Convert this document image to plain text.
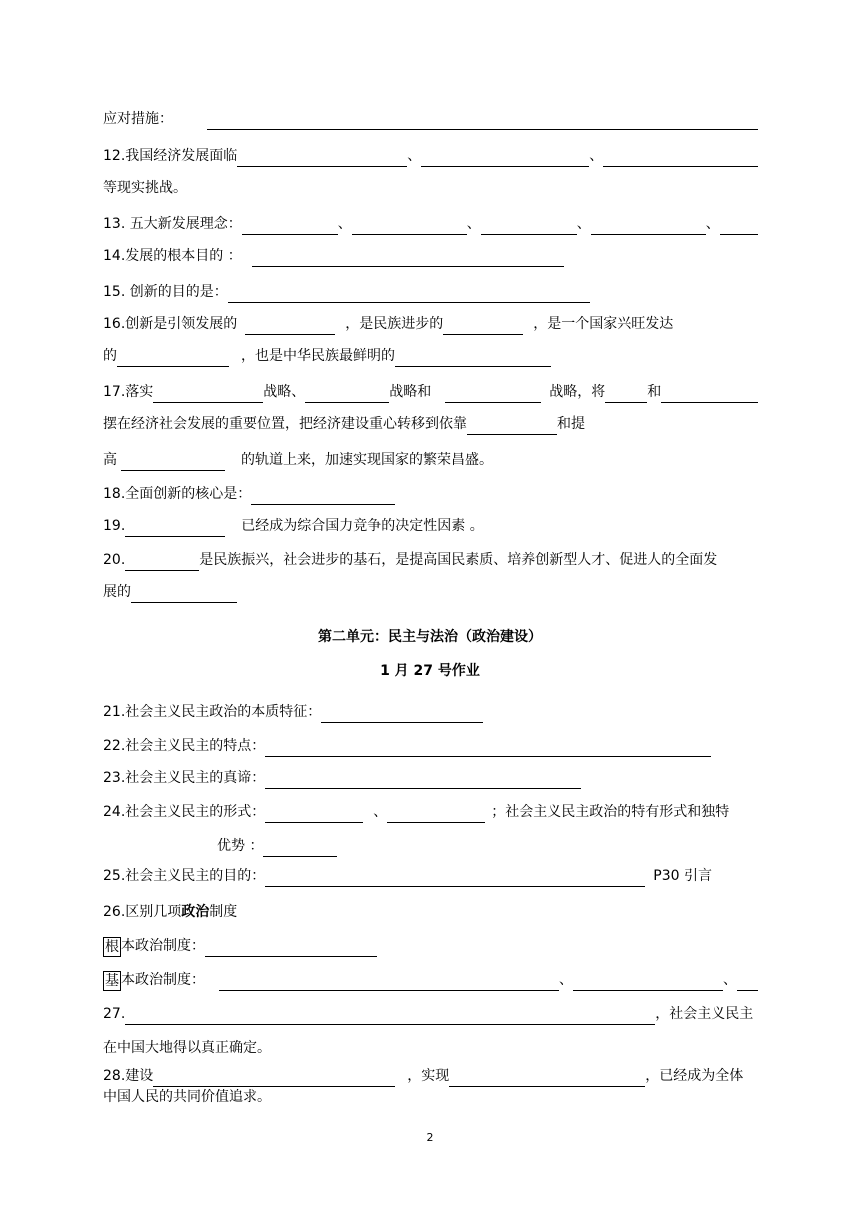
应对措施：
12.我国经济发展面临	、	、
等现实挑战。
13. 五大新发展理念：	、	、	、	、
14.发展的根本目的 ：
15. 创新的目的是：
16.创新是引领发展的	，是民族进步的	，是一个国家兴旺发达
的	，也是中华民族最鲜明的
17.落实	战略、	战略和	战略，将	和
摆在经济社会发展的重要位置，把经济建设重心转移到依靠	和提
高	的轨道上来，加速实现国家的繁荣昌盛。
18.全面创新的核心是：
19.	已经成为综合国力竞争的决定性因素 。
20.	是民族振兴，社会进步的基石，是提高国民素质、培养创新型人才、促进人的全面发
展的
第二单元：民主与法治（政治建设）
1 月 27 号作业
21.社会主义民主政治的本质特征：
22.社会主义民主的特点：
23.社会主义民主的真谛：
24.社会主义民主的形式：	、	；社会主义民主政治的特有形式和独特
优势 ：
25.社会主义民主的目的：	P30 引言
26.区别几项 政治 制度
根 本政治制度：
基 本政治制度：	、	、
27.	，社会主义民主
在中国大地得以真正确定。
28.建设	，实现	，已经成为全体
中国人民的共同价值追求。
2
